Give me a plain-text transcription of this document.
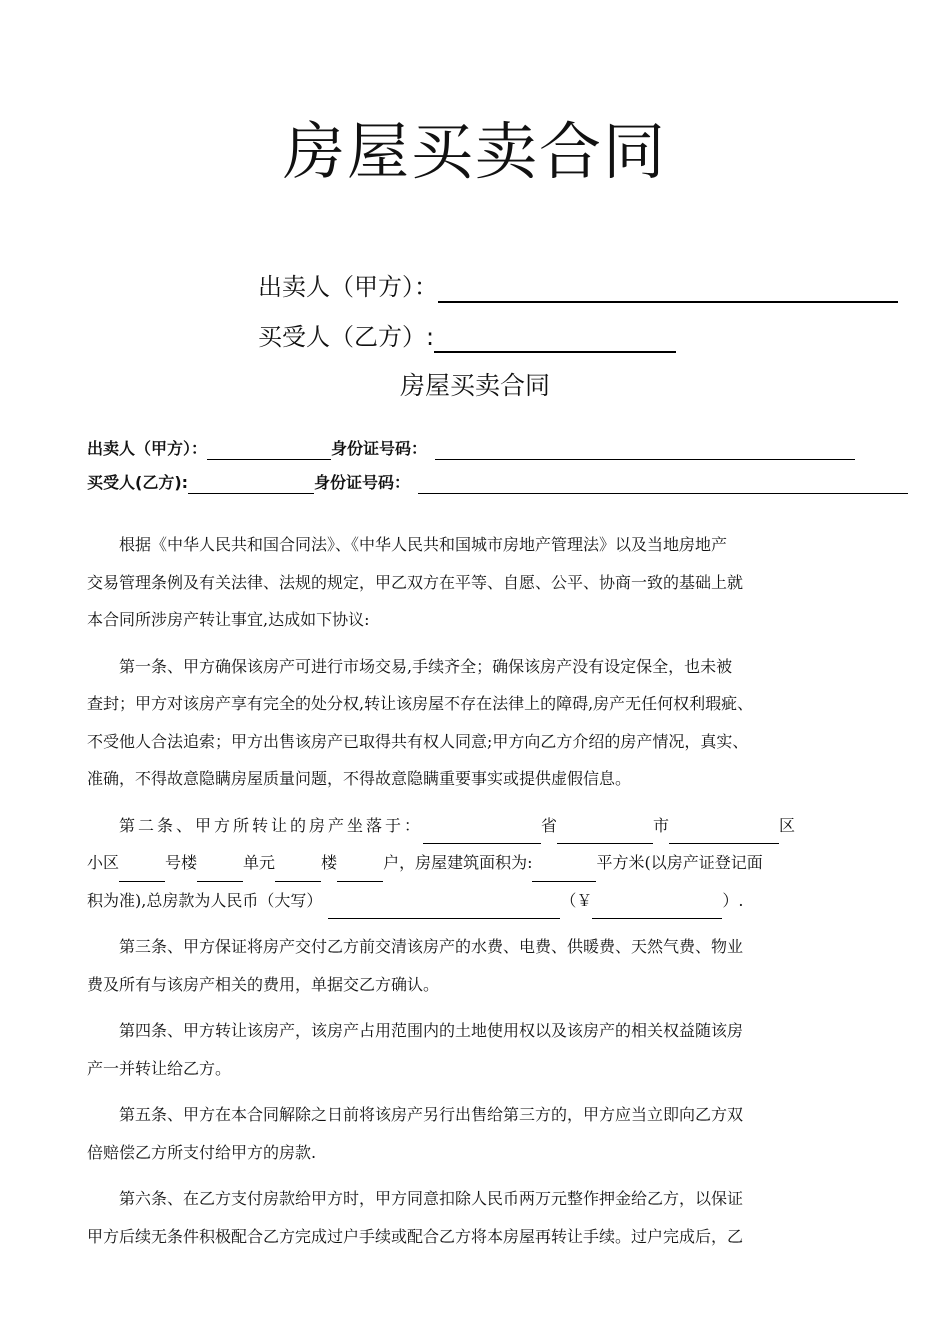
房屋买卖合同
出卖人（甲方）：
买受人（乙方）:
房屋买卖合同
出卖人（甲方）：	身份证号码：
买受人(乙方):	身份证号码：

根据《中华人民共和国合同法》、《中华人民共和国城市房地产管理法》以及当地房地产
交易管理条例及有关法律、法规的规定，甲乙双方在平等、自愿、公平、协商一致的基础上就
本合同所涉房产转让事宜,达成如下协议:

第一条、甲方确保该房产可进行市场交易,手续齐全；确保该房产没有设定保全，也未被
查封；甲方对该房产享有完全的处分权,转让该房屋不存在法律上的障碍,房产无任何权利瑕疵、
不受他人合法追索；甲方出售该房产已取得共有权人同意;甲方向乙方介绍的房产情况，真实、
准确，不得故意隐瞒房屋质量问题，不得故意隐瞒重要事实或提供虚假信息。

第二条、甲方所转让的房产坐落于：	省	市	区
小区	号楼	单元	楼	户，房屋建筑面积为:	平方米(以房产证登记面
积为准),总房款为人民币（大写）	（￥	）.

第三条、甲方保证将房产交付乙方前交清该房产的水费、电费、供暖费、天然气费、物业
费及所有与该房产相关的费用，单据交乙方确认。

第四条、甲方转让该房产，该房产占用范围内的土地使用权以及该房产的相关权益随该房
产一并转让给乙方。

第五条、甲方在本合同解除之日前将该房产另行出售给第三方的，甲方应当立即向乙方双
倍赔偿乙方所支付给甲方的房款.

第六条、在乙方支付房款给甲方时，甲方同意扣除人民币两万元整作押金给乙方，以保证
甲方后续无条件积极配合乙方完成过户手续或配合乙方将本房屋再转让手续。过户完成后，乙
